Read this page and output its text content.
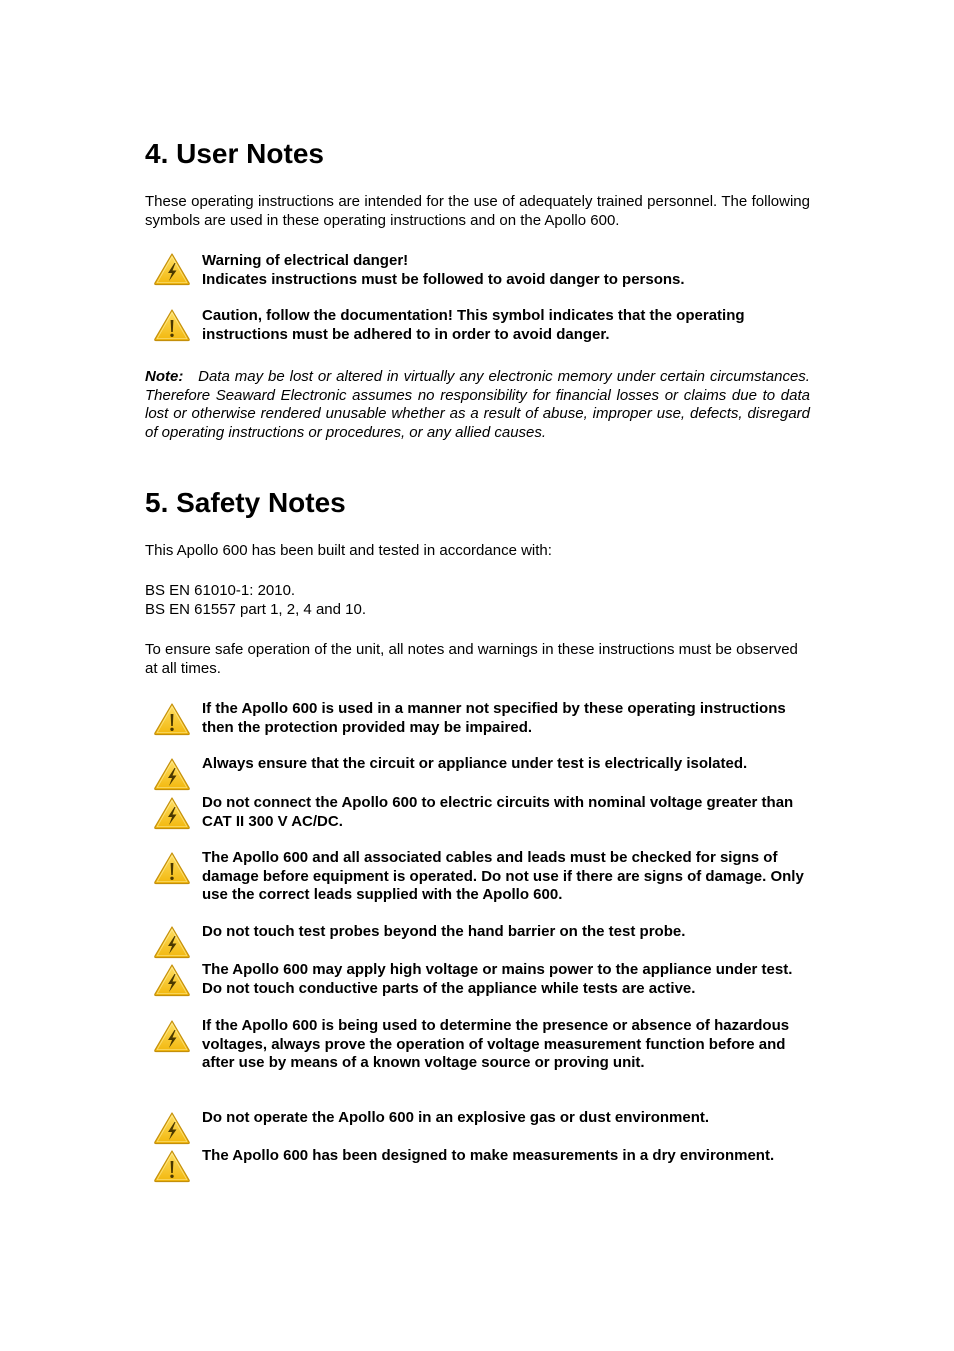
4. User Notes

These operating instructions are intended for the use of adequately trained personnel. The following symbols are used in these operating instructions and on the Apollo 600.

Warning of electrical danger!
Indicates instructions must be followed to avoid danger to persons.

Caution, follow the documentation! This symbol indicates that the operating instructions must be adhered to in order to avoid danger.

Note: Data may be lost or altered in virtually any electronic memory under certain circumstances. Therefore Seaward Electronic assumes no responsibility for financial losses or claims due to data lost or otherwise rendered unusable whether as a result of abuse, improper use, defects, disregard of operating instructions or procedures, or any allied causes.

5. Safety Notes

This Apollo 600 has been built and tested in accordance with:

BS EN 61010-1: 2010.

BS EN 61557 part 1, 2, 4 and 10.

To ensure safe operation of the unit, all notes and warnings in these instructions must be observed at all times.

If the Apollo 600 is used in a manner not specified by these operating instructions then the protection provided may be impaired.

Always ensure that the circuit or appliance under test is electrically isolated.

Do not connect the Apollo 600 to electric circuits with nominal voltage greater than CAT II 300 V AC/DC.

The Apollo 600 and all associated cables and leads must be checked for signs of damage before equipment is operated. Do not use if there are signs of damage. Only use the correct leads supplied with the Apollo 600.

Do not touch test probes beyond the hand barrier on the test probe.

The Apollo 600 may apply high voltage or mains power to the appliance under test. Do not touch conductive parts of the appliance while tests are active.

If the Apollo 600 is being used to determine the presence or absence of hazardous voltages, always prove the operation of voltage measurement function before and after use by means of a known voltage source or proving unit.

Do not operate the Apollo 600 in an explosive gas or dust environment.

The Apollo 600 has been designed to make measurements in a dry environment.
